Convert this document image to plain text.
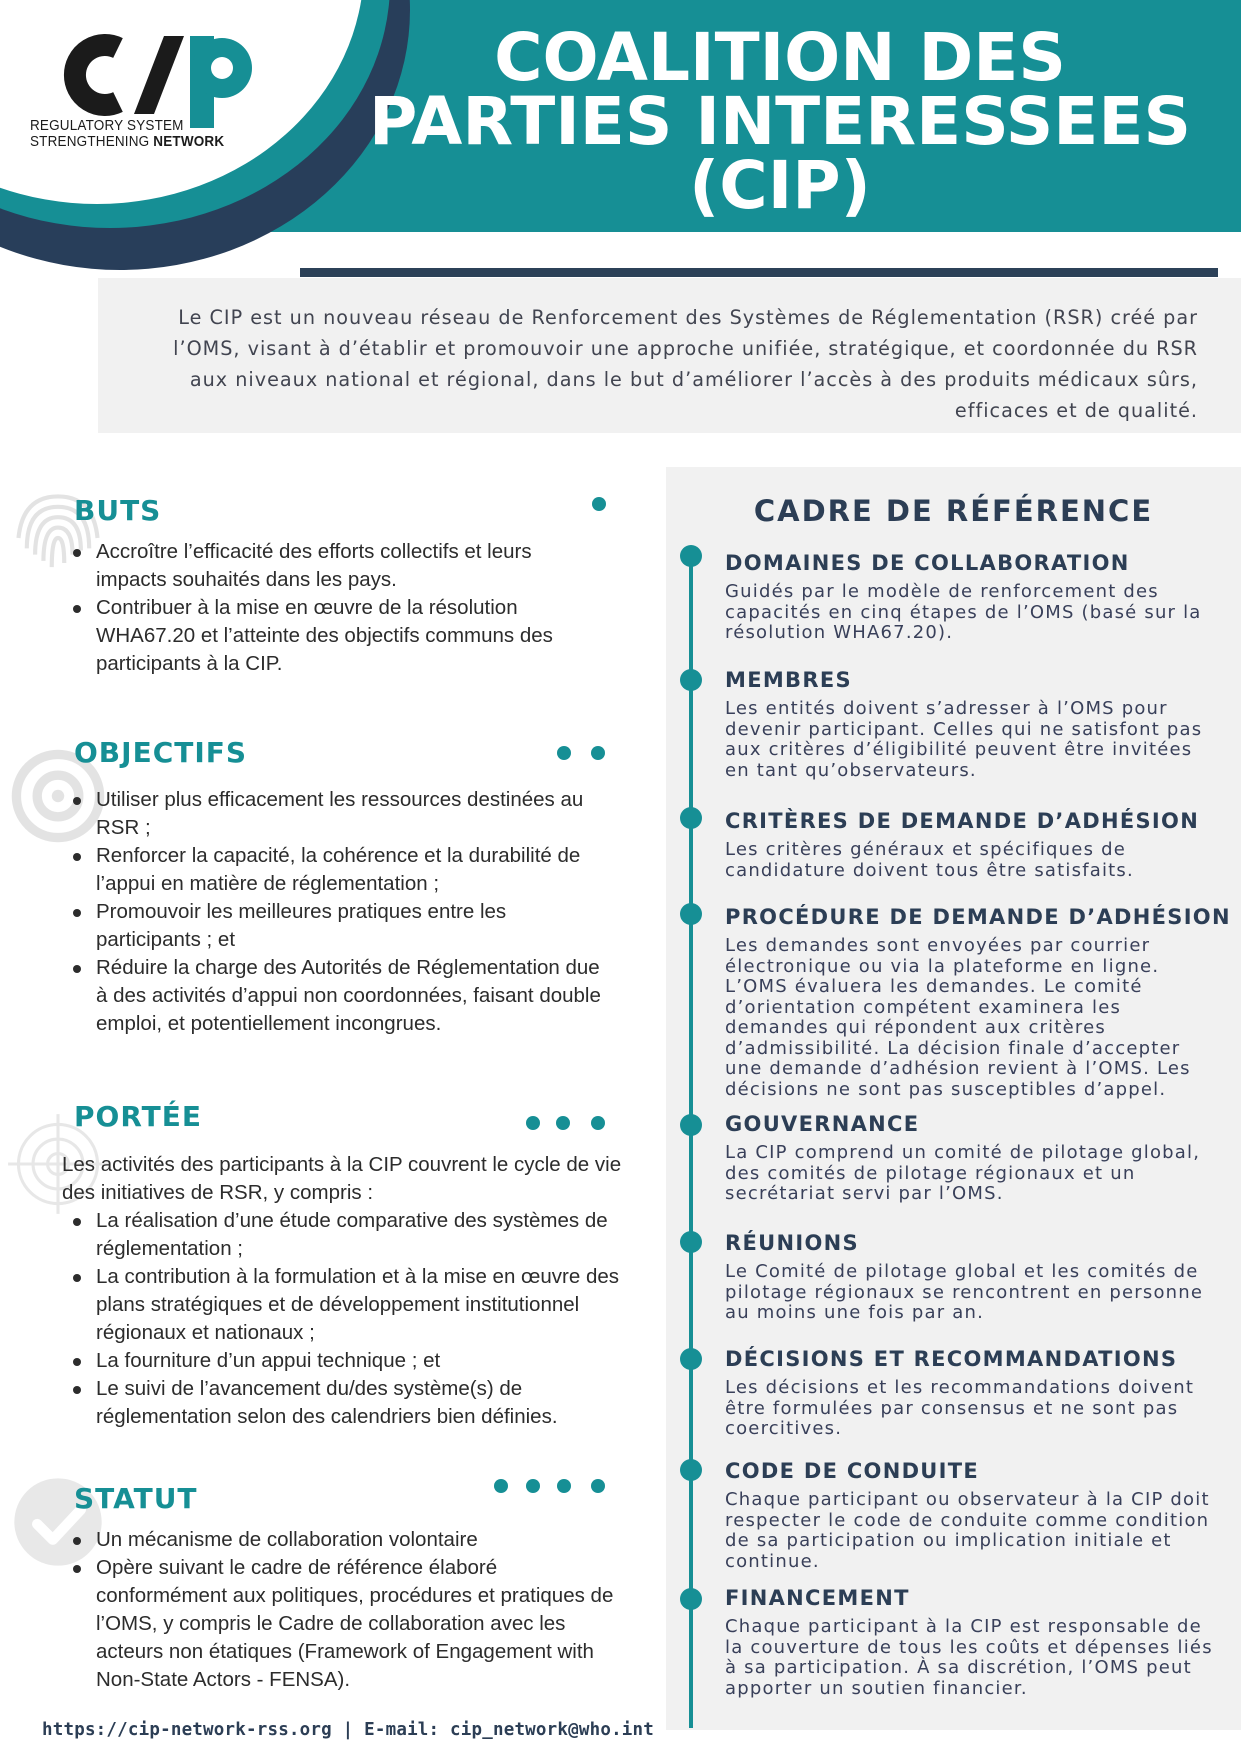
REGULATORY SYSTEM
STRENGTHENING NETWORK
COALITION DES
PARTIES INTERESSEES
(CIP)

Le CIP est un nouveau réseau de Renforcement des Systèmes de Réglementation (RSR) créé par l’OMS, visant à d’établir et promouvoir une approche unifiée, stratégique, et coordonnée du RSR aux niveaux national et régional, dans le but d’améliorer l’accès à des produits médicaux sûrs, efficaces et de qualité.

BUTS
Accroître l’efficacité des efforts collectifs et leurs impacts souhaités dans les pays.
Contribuer à la mise en œuvre de la résolution WHA67.20 et l’atteinte des objectifs communs des participants à la CIP.
OBJECTIFS
Utiliser plus efficacement les ressources destinées au RSR ;
Renforcer la capacité, la cohérence et la durabilité de l’appui en matière de réglementation ;
Promouvoir les meilleures pratiques entre les participants ; et
Réduire la charge des Autorités de Réglementation due à des activités d’appui non coordonnées, faisant double emploi, et potentiellement incongrues.
PORTÉE
Les activités des participants à la CIP couvrent le cycle de vie des initiatives de RSR, y compris :
La réalisation d’une étude comparative des systèmes de réglementation ;
La contribution à la formulation et à la mise en œuvre des plans stratégiques et de développement institutionnel régionaux et nationaux ;
La fourniture d’un appui technique ; et
Le suivi de l’avancement du/des système(s) de réglementation selon des calendriers bien définies.
STATUT
Un mécanisme de collaboration volontaire
Opère suivant le cadre de référence élaboré conformément aux politiques, procédures et pratiques de l’OMS, y compris le Cadre de collaboration avec les acteurs non étatiques (Framework of Engagement with Non-State Actors - FENSA).
CADRE DE RÉFÉRENCE
DOMAINES DE COLLABORATION
Guidés par le modèle de renforcement des capacités en cinq étapes de l’OMS (basé sur la résolution WHA67.20).
MEMBRES
Les entités doivent s’adresser à l’OMS pour devenir participant. Celles qui ne satisfont pas aux critères d’éligibilité peuvent être invitées en tant qu’observateurs.
CRITÈRES DE DEMANDE D’ADHÉSION
Les critères généraux et spécifiques de candidature doivent tous être satisfaits.
PROCÉDURE DE DEMANDE D’ADHÉSION
Les demandes sont envoyées par courrier électronique ou via la plateforme en ligne. L’OMS évaluera les demandes. Le comité d’orientation compétent examinera les demandes qui répondent aux critères d’admissibilité. La décision finale d’accepter une demande d’adhésion revient à l’OMS. Les décisions ne sont pas susceptibles d’appel.
GOUVERNANCE
La CIP comprend un comité de pilotage global, des comités de pilotage régionaux et un secrétariat servi par l’OMS.
RÉUNIONS
Le Comité de pilotage global et les comités de pilotage régionaux se rencontrent en personne au moins une fois par an.
DÉCISIONS ET RECOMMANDATIONS
Les décisions et les recommandations doivent être formulées par consensus et ne sont pas coercitives.
CODE DE CONDUITE
Chaque participant ou observateur à la CIP doit respecter le code de conduite comme condition de sa participation ou implication initiale et continue.
FINANCEMENT
Chaque participant à la CIP est responsable de la couverture de tous les coûts et dépenses liés à sa participation. À sa discrétion, l’OMS peut apporter un soutien financier.
https://cip-network-rss.org | E-mail: cip_network@who.int
